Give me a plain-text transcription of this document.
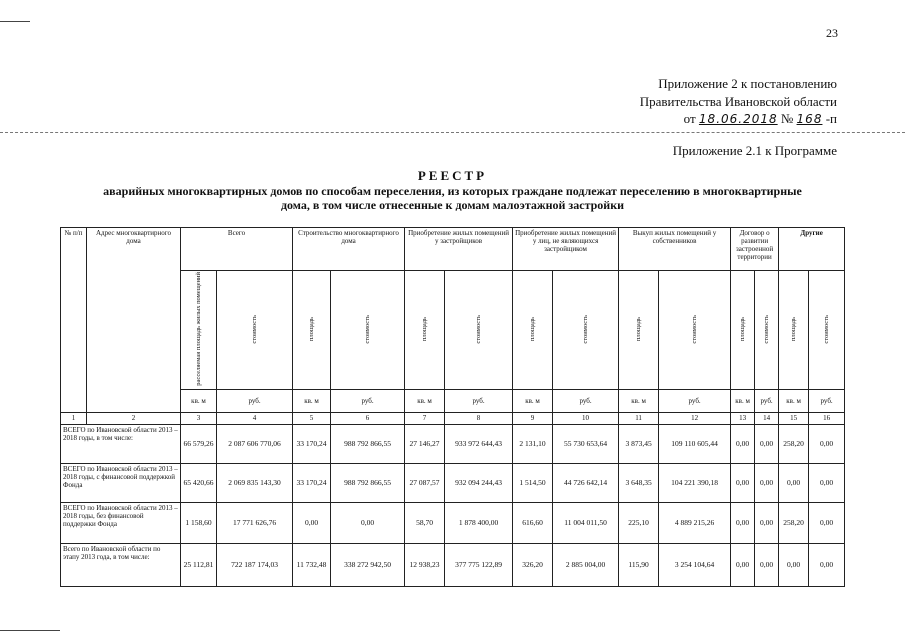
23
Приложение 2 к постановлению
Правительства Ивановской области
от 18.06.2018 № 168 -п
Приложение 2.1 к Программе
РЕЕСТР
аварийных многоквартирных домов по способам переселения, из которых граждане подлежат переселению в многоквартирные дома, в том числе отнесенные к домам малоэтажной застройки
№ п/п	Адрес многоквартирного дома	Всего		Строительство многоквартирного дома		Приобретение жилых помещений у застройщиков		Приобретение жилых помещений у лиц, не являющихся застройщиком		Выкуп жилых помещений у собственников		Договор о развитии застроенной территории		Другие	
		расселяемая площадь жилых помещений	стоимость	площадь	стоимость	площадь	стоимость	площадь	стоимость	площадь	стоимость	площадь	стоимость	площадь	стоимость
		кв. м	руб.	кв. м	руб.	кв. м	руб.	кв. м	руб.	кв. м	руб.	кв. м	руб.	кв. м	руб.
1	2	3	4	5	6	7	8	9	10	11	12	13	14	15	16
ВСЕГО по Ивановской области 2013 – 2018 годы, в том числе:		66 579,26	2 087 606 770,06	33 170,24	988 792 866,55	27 146,27	933 972 644,43	2 131,10	55 730 653,64	3 873,45	109 110 605,44	0,00	0,00	258,20	0,00
ВСЕГО по Ивановской области 2013 – 2018 годы, с финансовой поддержкой Фонда		65 420,66	2 069 835 143,30	33 170,24	988 792 866,55	27 087,57	932 094 244,43	1 514,50	44 726 642,14	3 648,35	104 221 390,18	0,00	0,00	0,00	0,00
ВСЕГО по Ивановской области 2013 – 2018 годы, без финансовой поддержки Фонда		1 158,60	17 771 626,76	0,00	0,00	58,70	1 878 400,00	616,60	11 004 011,50	225,10	4 889 215,26	0,00	0,00	258,20	0,00
Всего по Ивановской области по этапу 2013 года, в том числе:		25 112,81	722 187 174,03	11 732,48	338 272 942,50	12 938,23	377 775 122,89	326,20	2 885 004,00	115,90	3 254 104,64	0,00	0,00	0,00	0,00
